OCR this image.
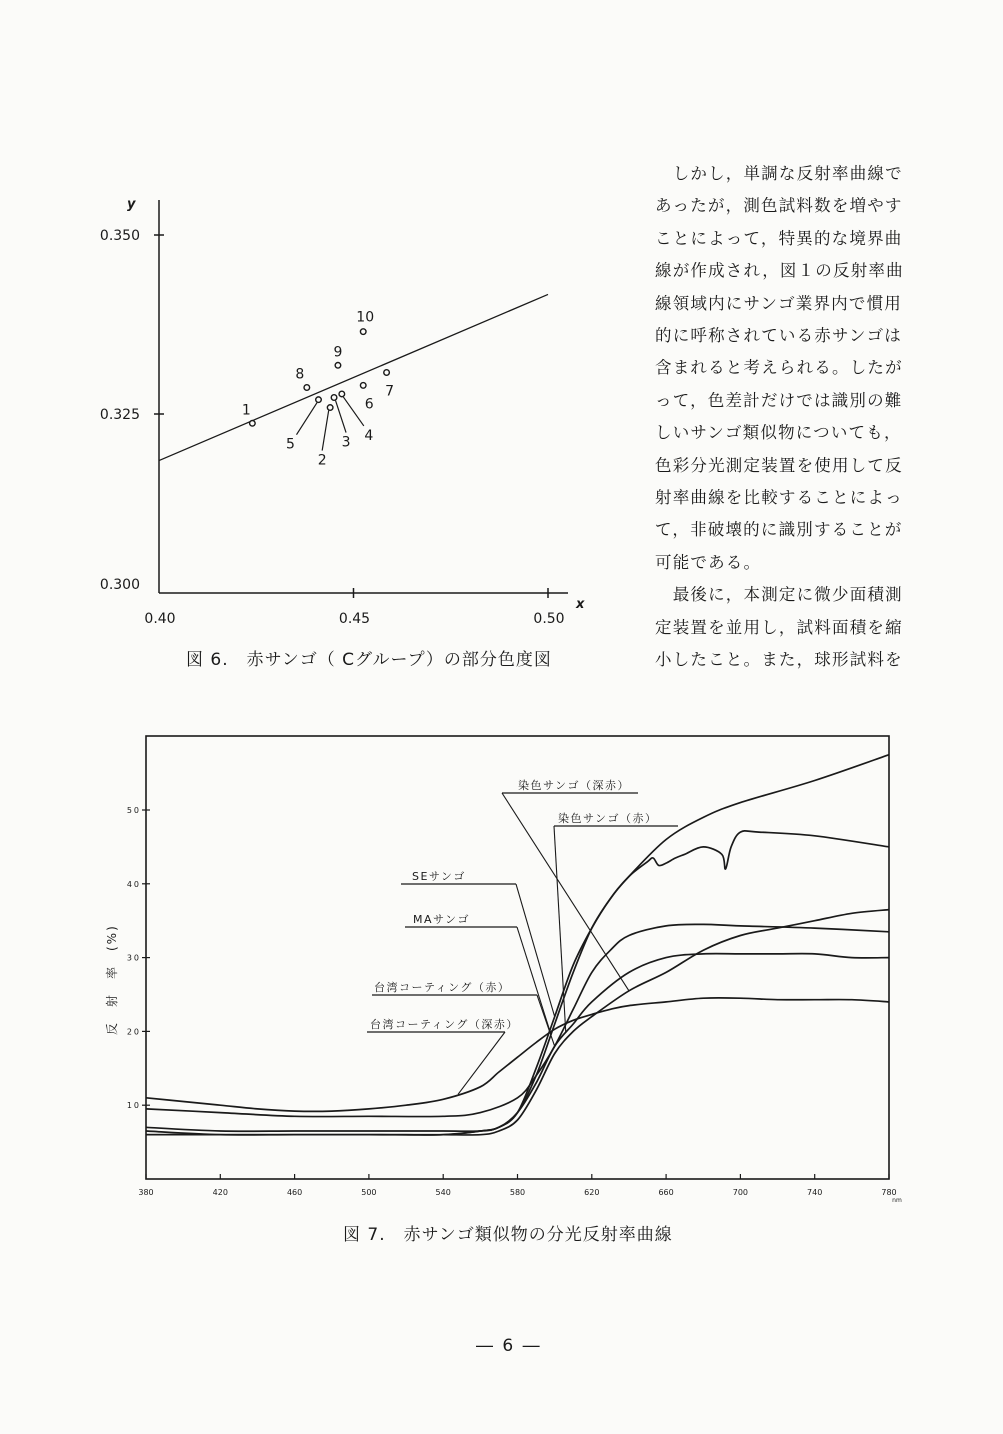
0.40	0.45	0.50
0.300
0.325
0.350
y
x
1
2
3 4
5
6
7
8
9
10
図 6.　赤サンゴ（ Cグループ）の部分色度図

　しかし，単調な反射率曲線で

あったが，測色試料数を増やす

ことによって，特異的な境界曲

線が作成され，図１の反射率曲

線領域内にサンゴ業界内で慣用

的に呼称されている赤サンゴは

含まれると考えられる。したが

って，色差計だけでは識別の難

しいサンゴ類似物についても，

色彩分光測定装置を使用して反

射率曲線を比較することによっ

て，非破壊的に識別することが

可能である。

　最後に，本測定に微少面積測

定装置を並用し，試料面積を縮

小したこと。また，球形試料を

380	420	460	500	540	580	620	660	700	740	780
10
20
30
40
50
nm
反　射　率　(%)
染色サンゴ（深赤）
染色サンゴ（赤）
SEサンゴ
MAサンゴ
台湾コーティング（赤）
台湾コーティング（深赤）
図 7.　赤サンゴ類似物の分光反射率曲線
― 6 ―
